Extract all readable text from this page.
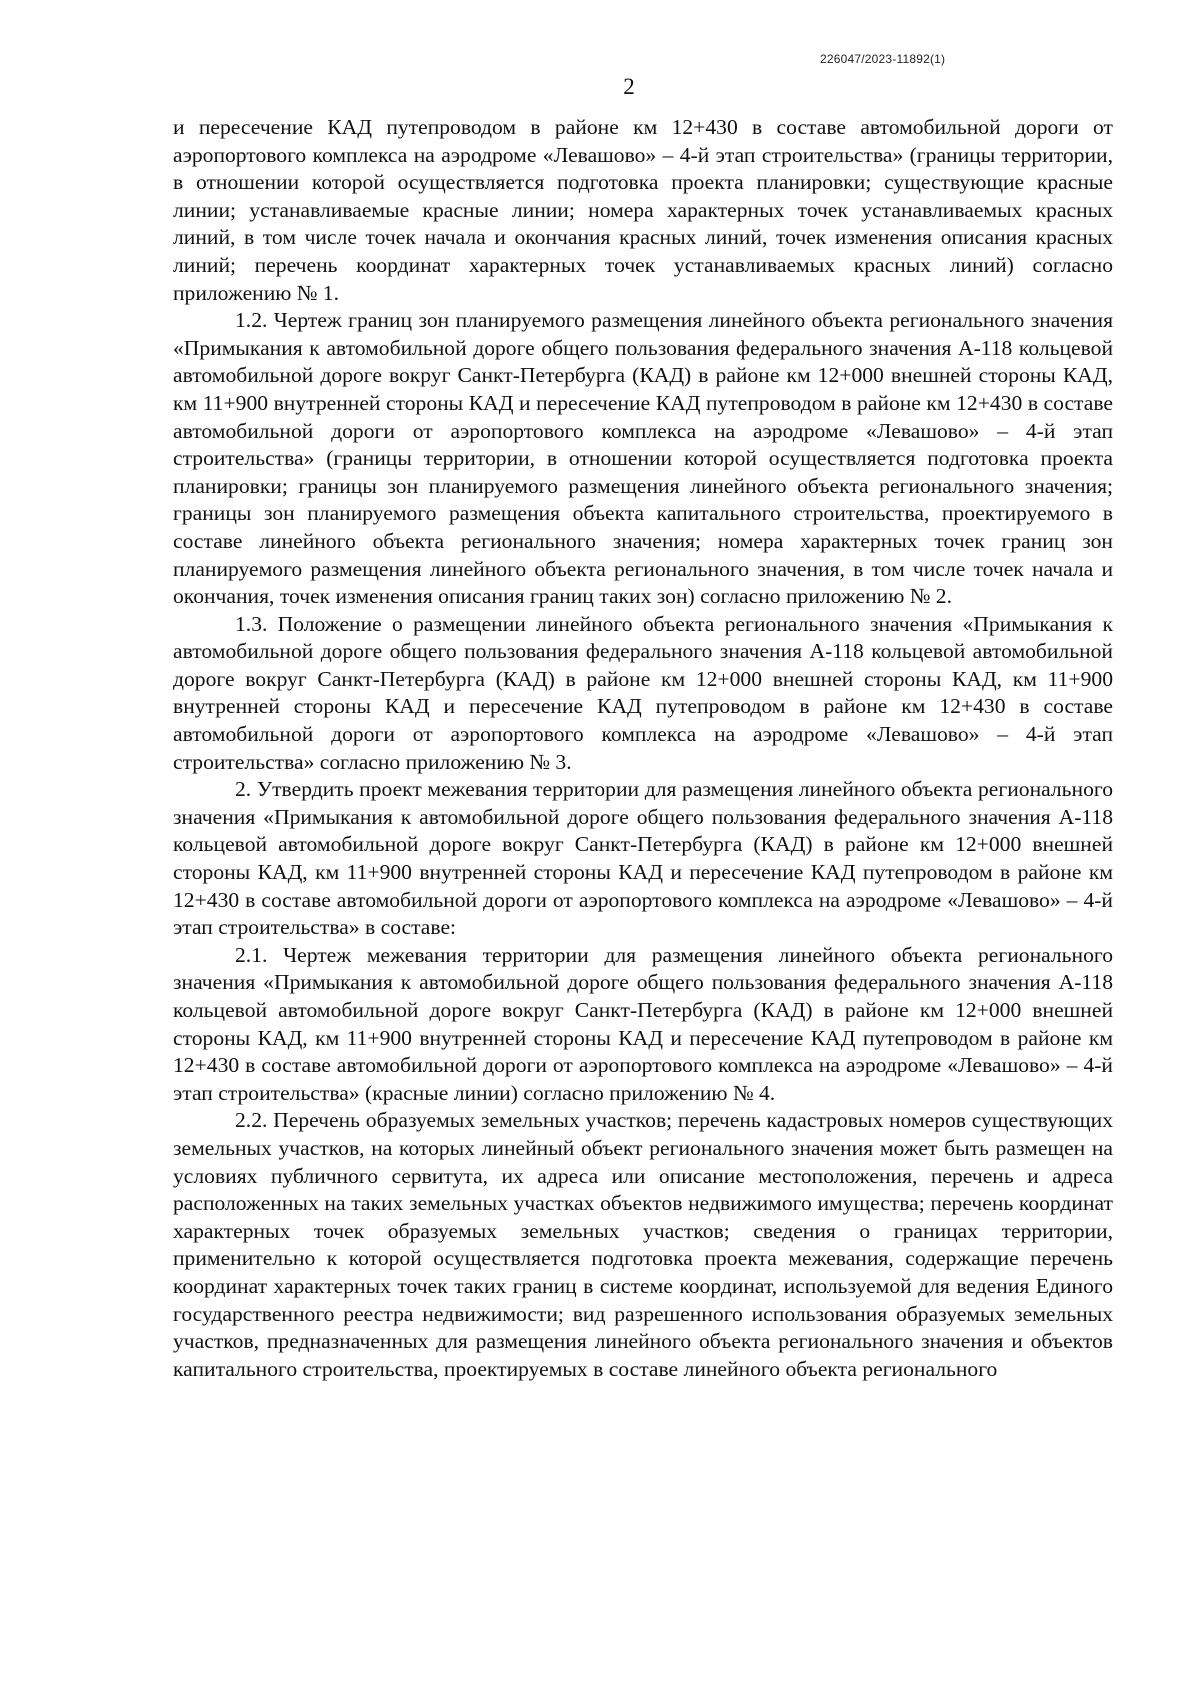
226047/2023-11892(1)
2

и пересечение КАД путепроводом в районе км 12+430 в составе автомобильной дороги от аэропортового комплекса на аэродроме «Левашово» – 4-й этап строительства» (границы территории, в отношении которой осуществляется подготовка проекта планировки; существующие красные линии; устанавливаемые красные линии; номера характерных точек устанавливаемых красных линий, в том числе точек начала и окончания красных линий, точек изменения описания красных линий; перечень координат характерных точек устанавливаемых красных линий) согласно приложению № 1.

1.2. Чертеж границ зон планируемого размещения линейного объекта регионального значения «Примыкания к автомобильной дороге общего пользования федерального значения А-118 кольцевой автомобильной дороге вокруг Санкт-Петербурга (КАД) в районе км 12+000 внешней стороны КАД, км 11+900 внутренней стороны КАД и пересечение КАД путепроводом в районе км 12+430 в составе автомобильной дороги от аэропортового комплекса на аэродроме «Левашово» – 4-й этап строительства» (границы территории, в отношении которой осуществляется подготовка проекта планировки; границы зон планируемого размещения линейного объекта регионального значения; границы зон планируемого размещения объекта капитального строительства, проектируемого в составе линейного объекта регионального значения; номера характерных точек границ зон планируемого размещения линейного объекта регионального значения, в том числе точек начала и окончания, точек изменения описания границ таких зон) согласно приложению № 2.

1.3. Положение о размещении линейного объекта регионального значения «Примыкания к автомобильной дороге общего пользования федерального значения А-118 кольцевой автомобильной дороге вокруг Санкт-Петербурга (КАД) в районе км 12+000 внешней стороны КАД, км 11+900 внутренней стороны КАД и пересечение КАД путепроводом в районе км 12+430 в составе автомобильной дороги от аэропортового комплекса на аэродроме «Левашово» – 4-й этап строительства» согласно приложению № 3.

2. Утвердить проект межевания территории для размещения линейного объекта регионального значения «Примыкания к автомобильной дороге общего пользования федерального значения А-118 кольцевой автомобильной дороге вокруг Санкт-Петербурга (КАД) в районе км 12+000 внешней стороны КАД, км 11+900 внутренней стороны КАД и пересечение КАД путепроводом в районе км 12+430 в составе автомобильной дороги от аэропортового комплекса на аэродроме «Левашово» – 4-й этап строительства» в составе:

2.1. Чертеж межевания территории для размещения линейного объекта регионального значения «Примыкания к автомобильной дороге общего пользования федерального значения А-118 кольцевой автомобильной дороге вокруг Санкт-Петербурга (КАД) в районе км 12+000 внешней стороны КАД, км 11+900 внутренней стороны КАД и пересечение КАД путепроводом в районе км 12+430 в составе автомобильной дороги от аэропортового комплекса на аэродроме «Левашово» – 4-й этап строительства» (красные линии) согласно приложению № 4.

2.2. Перечень образуемых земельных участков; перечень кадастровых номеров существующих земельных участков, на которых линейный объект регионального значения может быть размещен на условиях публичного сервитута, их адреса или описание местоположения, перечень и адреса расположенных на таких земельных участках объектов недвижимого имущества; перечень координат характерных точек образуемых земельных участков; сведения о границах территории, применительно к которой осуществляется подготовка проекта межевания, содержащие перечень координат характерных точек таких границ в системе координат, используемой для ведения Единого государственного реестра недвижимости; вид разрешенного использования образуемых земельных участков, предназначенных для размещения линейного объекта регионального значения и объектов капитального строительства, проектируемых в составе линейного объекта регионального
